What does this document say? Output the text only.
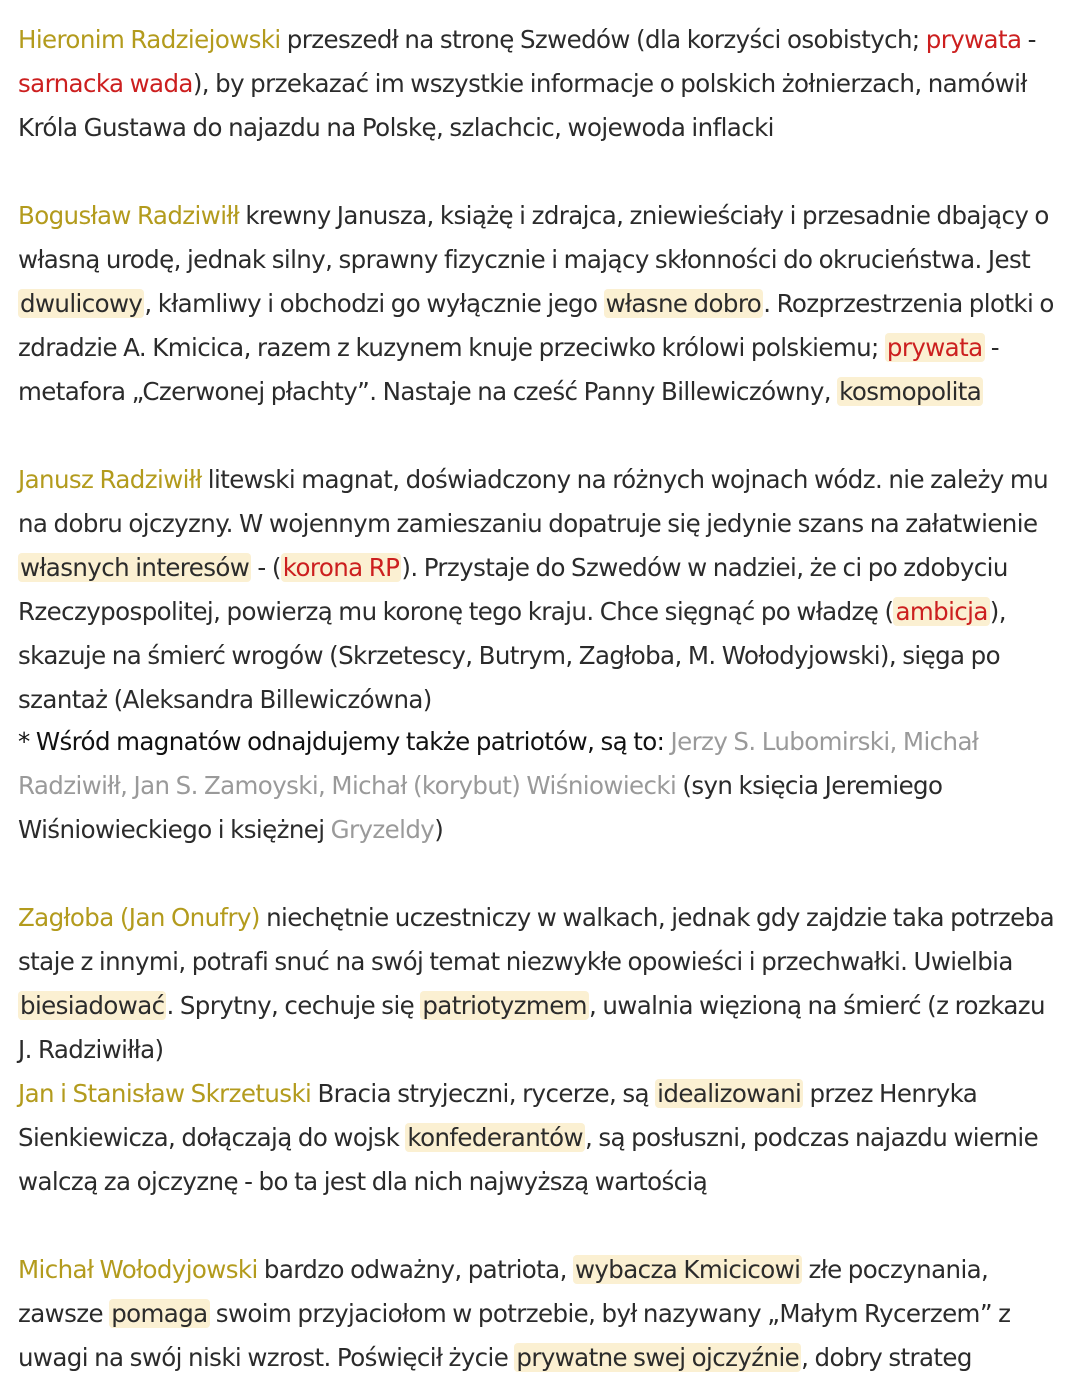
Hieronim Radziejowski przeszedł na stronę Szwedów (dla korzyści osobistych; prywata - sarnacka wada), by przekazać im wszystkie informacje o polskich żołnierzach, namówił Króla Gustawa do najazdu na Polskę, szlachcic, wojewoda inflacki

Bogusław Radziwiłł krewny Janusza, książę i zdrajca, zniewieściały i przesadnie dbający o własną urodę, jednak silny, sprawny fizycznie i mający skłonności do okrucieństwa. Jest dwulicowy, kłamliwy i obchodzi go wyłącznie jego własne dobro. Rozprzestrzenia plotki o zdradzie A. Kmicica, razem z kuzynem knuje przeciwko królowi polskiemu; prywata - metafora „Czerwonej płachty”. Nastaje na cześć Panny Billewiczówny, kosmopolita

Janusz Radziwiłł litewski magnat, doświadczony na różnych wojnach wódz. nie zależy mu na dobru ojczyzny. W wojennym zamieszaniu dopatruje się jedynie szans na załatwienie własnych interesów - (korona RP). Przystaje do Szwedów w nadziei, że ci po zdobyciu Rzeczypospolitej, powierzą mu koronę tego kraju. Chce sięgnąć po władzę (ambicja), skazuje na śmierć wrogów (Skrzetescy, Butrym, Zagłoba, M. Wołodyjowski), sięga po szantaż (Aleksandra Billewiczówna)

* Wśród magnatów odnajdujemy także patriotów, są to: Jerzy S. Lubomirski, Michał Radziwiłł, Jan S. Zamoyski, Michał (korybut) Wiśniowiecki (syn księcia Jeremiego Wiśniowieckiego i księżnej Gryzeldy)

Zagłoba (Jan Onufry) niechętnie uczestniczy w walkach, jednak gdy zajdzie taka potrzeba staje z innymi, potrafi snuć na swój temat niezwykłe opowieści i przechwałki. Uwielbia biesiadować. Sprytny, cechuje się patriotyzmem, uwalnia więzioną na śmierć (z rozkazu J. Radziwiłła)

Jan i Stanisław Skrzetuski Bracia stryjeczni, rycerze, są idealizowani przez Henryka Sienkiewicza, dołączają do wojsk konfederantów, są posłuszni, podczas najazdu wiernie walczą za ojczyznę - bo ta jest dla nich najwyższą wartością

Michał Wołodyjowski bardzo odważny, patriota, wybacza Kmicicowi złe poczynania, zawsze pomaga swoim przyjaciołom w potrzebie, był nazywany „Małym Rycerzem” z uwagi na swój niski wzrost. Poświęcił życie prywatne swej ojczyźnie, dobry strateg
